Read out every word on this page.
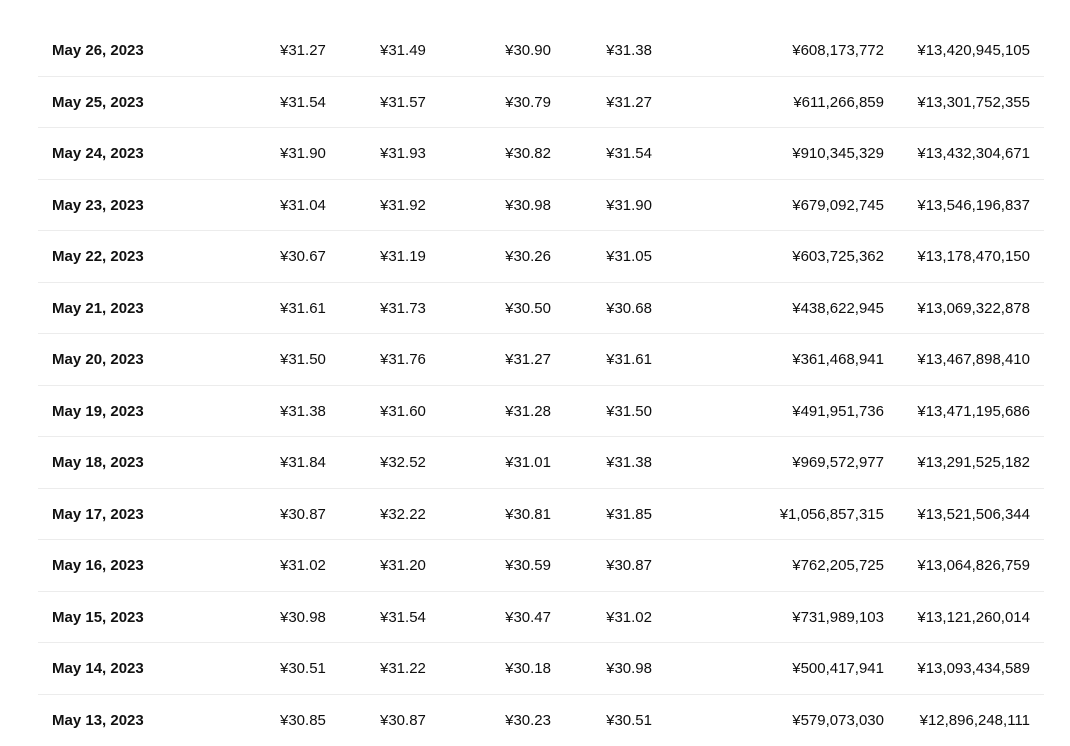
May 26, 2023	¥31.27	¥31.49	¥30.90	¥31.38	¥608,173,772 ¥13,420,945,105
May 25, 2023	¥31.54	¥31.57	¥30.79	¥31.27	¥611,266,859 ¥13,301,752,355
May 24, 2023	¥31.90	¥31.93	¥30.82	¥31.54	¥910,345,329 ¥13,432,304,671
May 23, 2023	¥31.04	¥31.92	¥30.98	¥31.90	¥679,092,745 ¥13,546,196,837
May 22, 2023	¥30.67	¥31.19	¥30.26	¥31.05	¥603,725,362 ¥13,178,470,150
May 21, 2023	¥31.61	¥31.73	¥30.50	¥30.68	¥438,622,945 ¥13,069,322,878
May 20, 2023	¥31.50	¥31.76	¥31.27	¥31.61	¥361,468,941 ¥13,467,898,410
May 19, 2023	¥31.38	¥31.60	¥31.28	¥31.50	¥491,951,736 ¥13,471,195,686
May 18, 2023	¥31.84	¥32.52	¥31.01	¥31.38	¥969,572,977 ¥13,291,525,182
May 17, 2023	¥30.87	¥32.22	¥30.81	¥31.85	¥1,056,857,315 ¥13,521,506,344
May 16, 2023	¥31.02	¥31.20	¥30.59	¥30.87	¥762,205,725 ¥13,064,826,759
May 15, 2023	¥30.98	¥31.54	¥30.47	¥31.02	¥731,989,103 ¥13,121,260,014
May 14, 2023	¥30.51	¥31.22	¥30.18	¥30.98	¥500,417,941 ¥13,093,434,589
May 13, 2023	¥30.85	¥30.87	¥30.23	¥30.51	¥579,073,030 ¥12,896,248,111
